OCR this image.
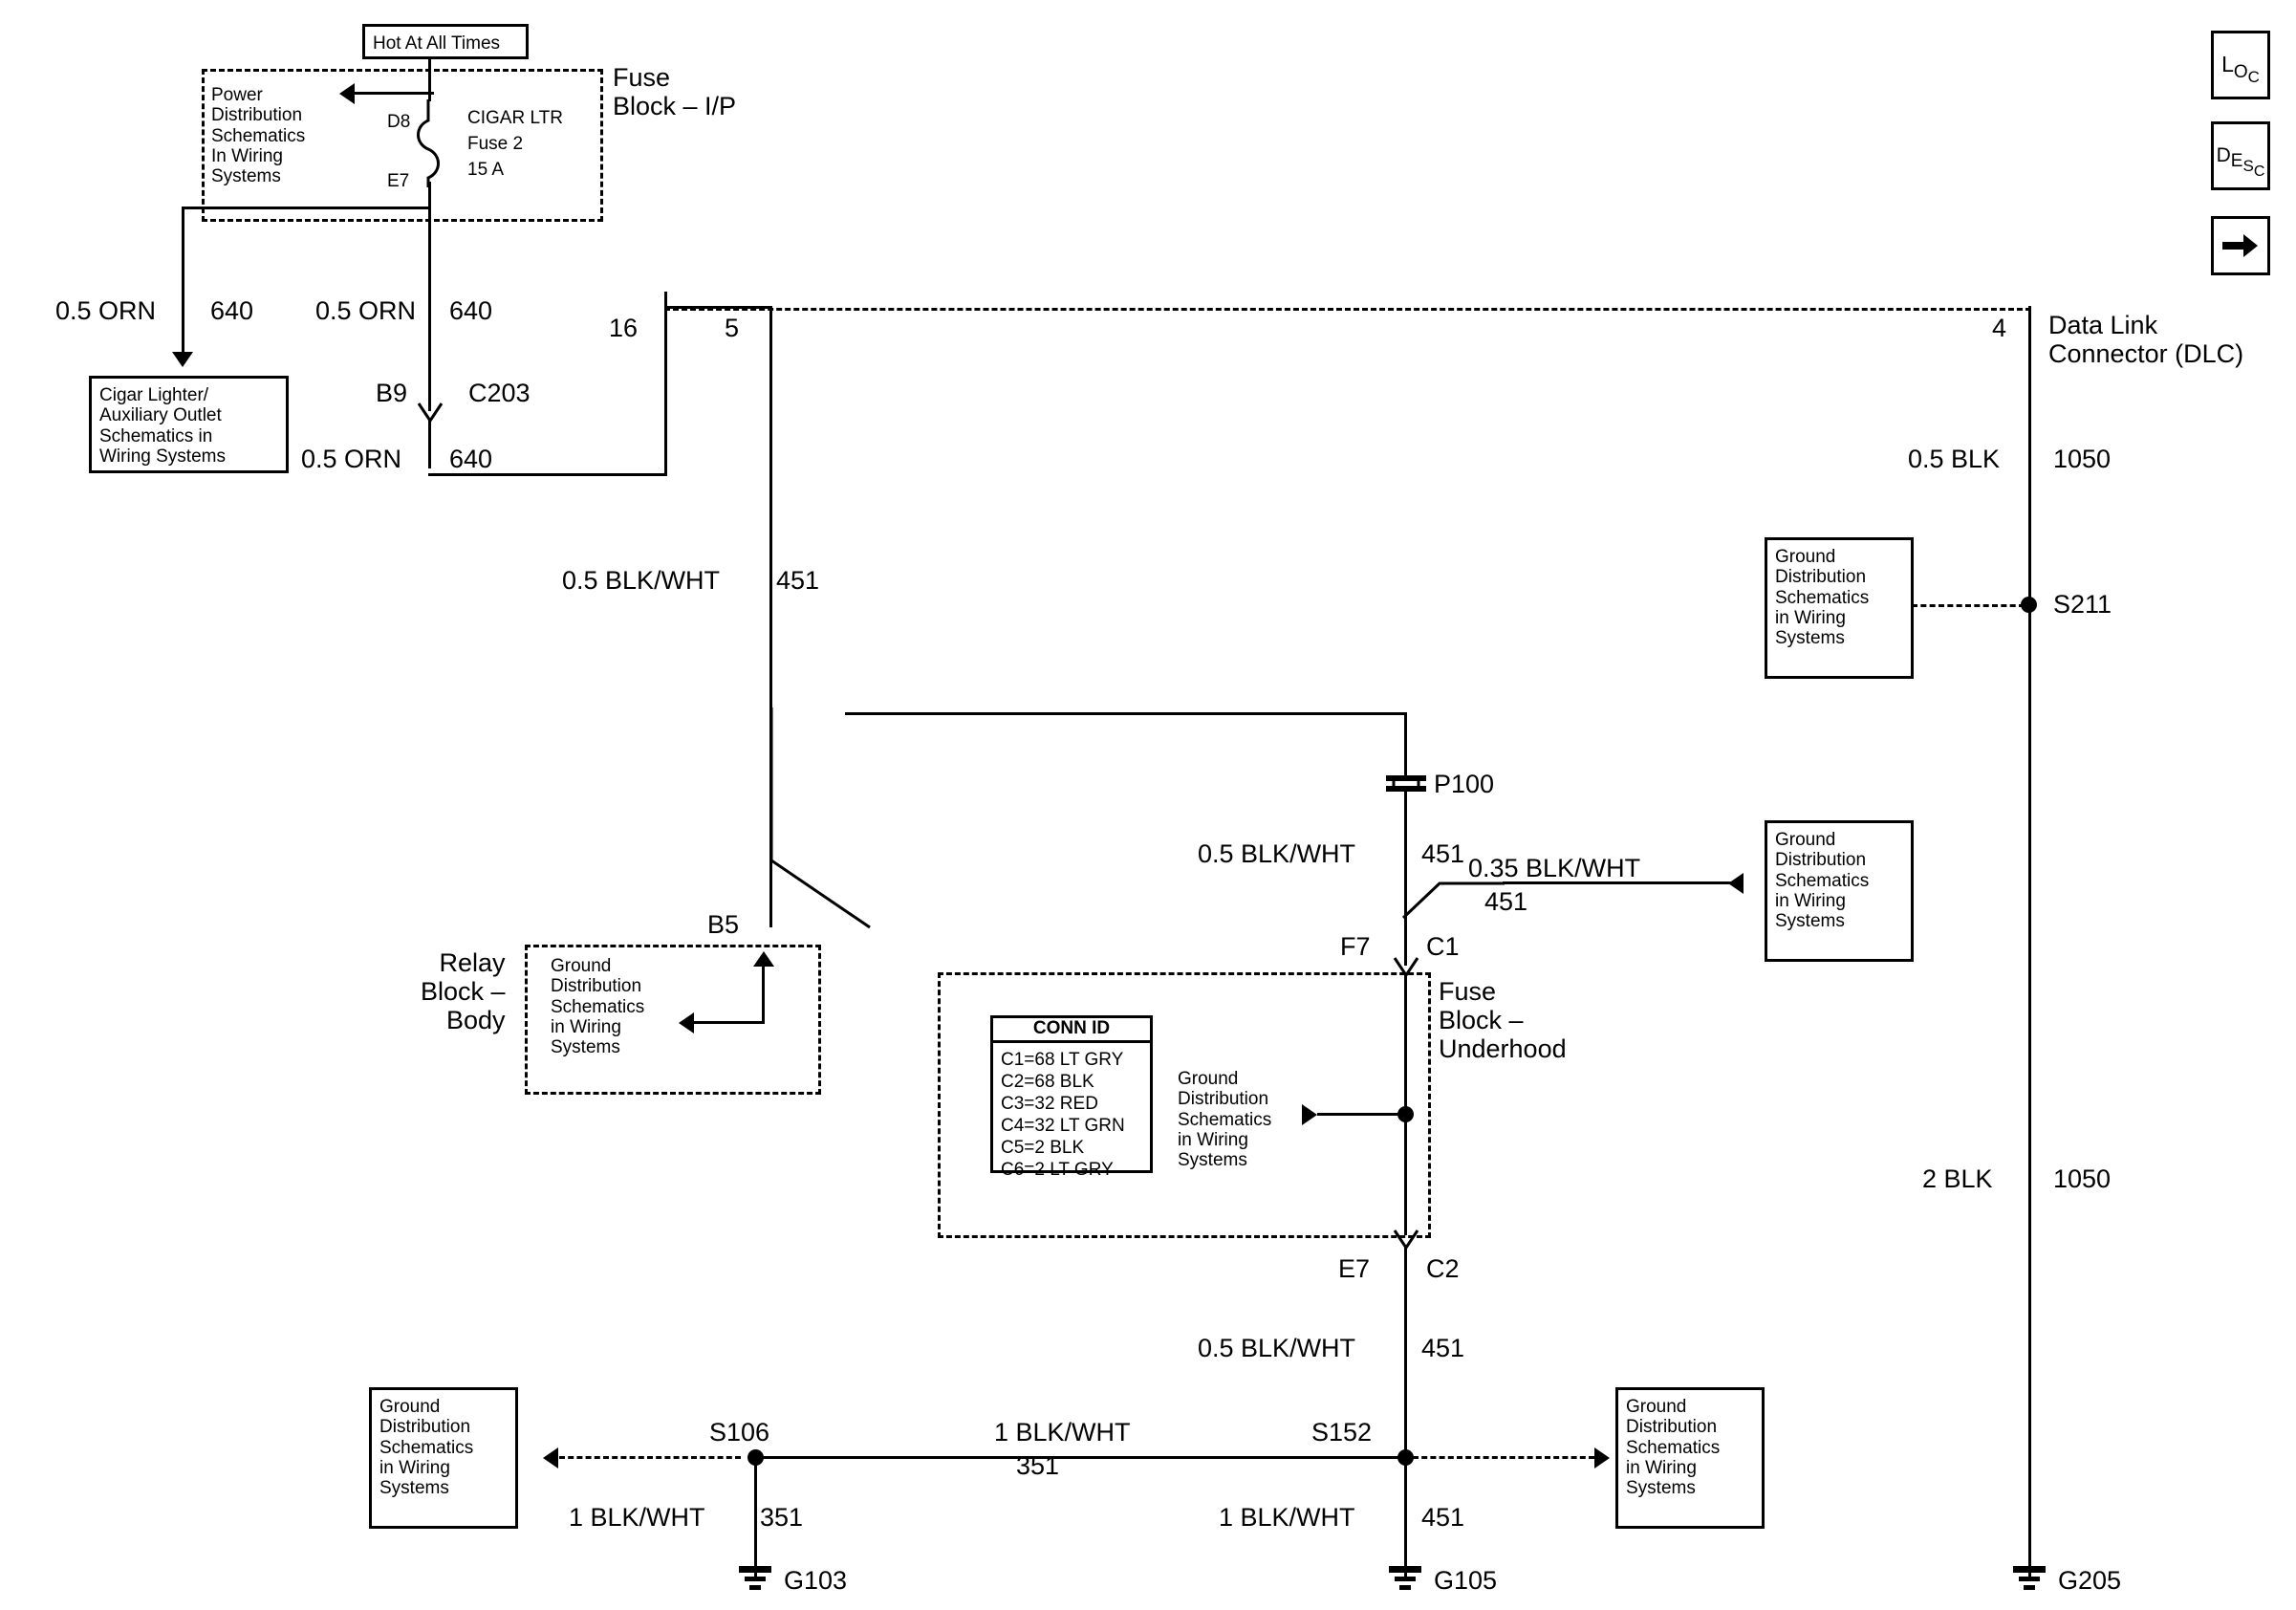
$L_{OC}$
DESC
Hot At All Times
Fuse
Block – I/P
Power
Distribution
Schematics
In Wiring
Systems
D8
E7
CIGAR LTR
Fuse 2
15 A
0.5 ORN 640
Cigar Lighter/
Auxiliary Outlet
Schematics in
Wiring Systems
0.5 ORN 640
B9 C203
0.5 ORN 640
16	5	4 Data Link
Connector (DLC)
0.5 BLK/WHT 451
B5
Relay
Block –
Body
Ground
Distribution
Schematics
in Wiring
Systems
P100
0.5 BLK/WHT	451 0.35 BLK/WHT
451
Ground
Distribution
Schematics
in Wiring
Systems
F7 C1
Fuse
Block –
Underhood
CONN ID
C1=68 LT GRY
C2=68 BLK
C3=32 RED
C4=32 LT GRN
C5=2 BLK
C6=2 LT GRY
Ground
Distribution
Schematics
in Wiring
Systems
E7 C2
0.5 BLK/WHT	451
S106	S152
1 BLK/WHT
351
Ground
Distribution
Schematics
in Wiring
Systems
Ground
Distribution
Schematics
in Wiring
Systems
1 BLK/WHT 351
G103
1 BLK/WHT	451
G105
0.5 BLK 1050
S211
Ground
Distribution
Schematics
in Wiring
Systems
2 BLK 1050
G205
